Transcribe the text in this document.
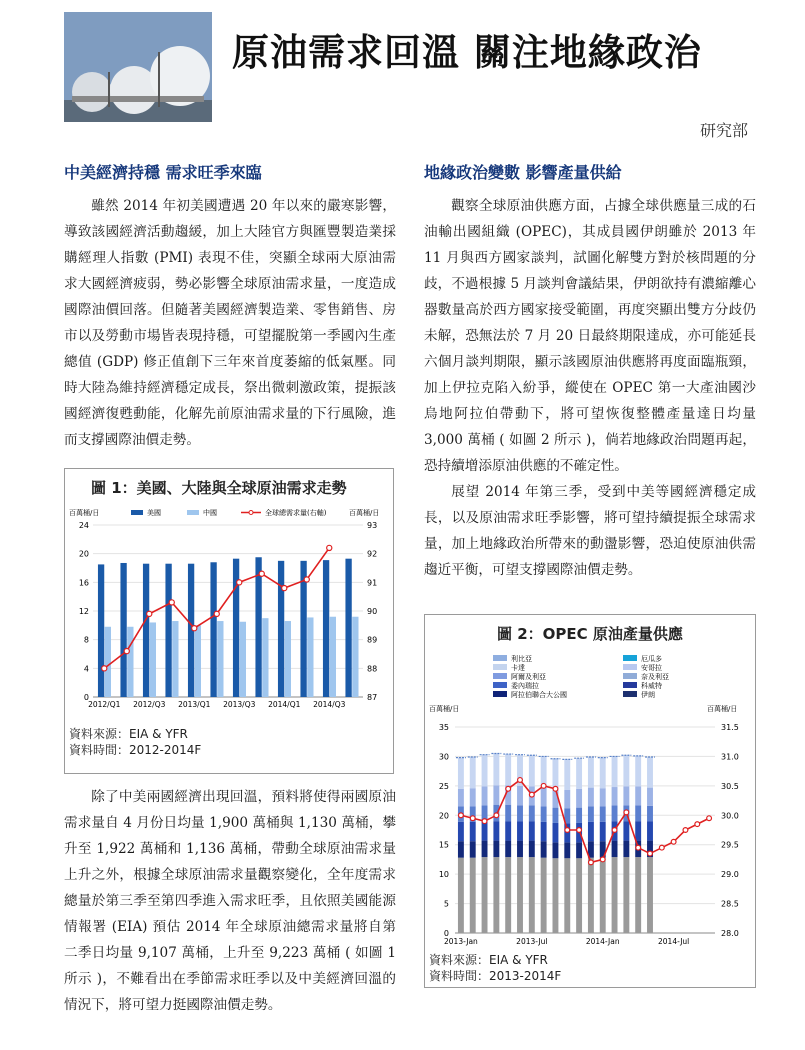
原油需求回溫 關注地緣政治
研究部
中美經濟持穩 需求旺季來臨

雖然 2014 年初美國遭遇 20 年以來的嚴寒影響，導致該國經濟活動趨緩，加上大陸官方與匯豐製造業採購經理人指數 (PMI) 表現不佳，突顯全球兩大原油需求大國經濟疲弱，勢必影響全球原油需求量，一度造成國際油價回落。但隨著美國經濟製造業、零售銷售、房市以及勞動市場皆表現持穩，可望擺脫第一季國內生產總值 (GDP) 修正值創下三年來首度萎縮的低氣壓。同時大陸為維持經濟穩定成長，祭出微刺激政策，提振該國經濟復甦動能，化解先前原油需求量的下行風險，進而支撐國際油價走勢。

圖 1：美國、大陸與全球原油需求走勢
百萬桶/日	百萬桶/日
美國	中國	全球總需求量(右軸)
0
4
8
12
16
20
24
87
88
89
90
91
92
93
2012/Q1 2012/Q3 2013/Q1 2013/Q3 2014/Q1 2014/Q3
資料來源：EIA & YFR
資料時間：2012-2014F

除了中美兩國經濟出現回溫，預料將使得兩國原油需求量自 4 月份日均量 1,900 萬桶與 1,130 萬桶，攀升至 1,922 萬桶和 1,136 萬桶，帶動全球原油需求量上升之外，根據全球原油需求量觀察變化，全年度需求總量於第三季至第四季進入需求旺季，且依照美國能源情報署 (EIA) 預估 2014 年全球原油總需求量將自第二季日均量 9,107 萬桶，上升至 9,223 萬桶 ( 如圖 1 所示 )，不難看出在季節需求旺季以及中美經濟回溫的情況下，將可望力挺國際油價走勢。

地緣政治變數 影響產量供給

觀察全球原油供應方面，占據全球供應量三成的石油輸出國組織 (OPEC)，其成員國伊朗雖於 2013 年 11 月與西方國家談判，試圖化解雙方對於核問題的分歧，不過根據 5 月談判會議結果，伊朗欲持有濃縮離心器數量高於西方國家接受範圍，再度突顯出雙方分歧仍未解，恐無法於 7 月 20 日最終期限達成，亦可能延長六個月談判期限，顯示該國原油供應將再度面臨瓶頸，加上伊拉克陷入紛爭，縱使在 OPEC 第一大產油國沙烏地阿拉伯帶動下，將可望恢復整體產量達日均量 3,000 萬桶 ( 如圖 2 所示 )，倘若地緣政治問題再起，恐持續增添原油供應的不確定性。

展望 2014 年第三季，受到中美等國經濟穩定成長，以及原油需求旺季影響，將可望持續提振全球需求量，加上地緣政治所帶來的動盪影響，恐迫使原油供需趨近平衡，可望支撐國際油價走勢。

圖 2：OPEC 原油產量供應
利比亞
卡達
阿爾及利亞
委內瑞拉
阿拉伯聯合大公國
厄瓜多
安哥拉
奈及利亞
科威特
伊朗
百萬桶/日	百萬桶/日
0
5
10
15
20
25
30
35
28.0
28.5
29.0
29.5
30.0
30.5
31.0
31.5
2013-Jan	2013-Jul	2014-Jan	2014-Jul
資料來源：EIA & YFR
資料時間：2013-2014F
